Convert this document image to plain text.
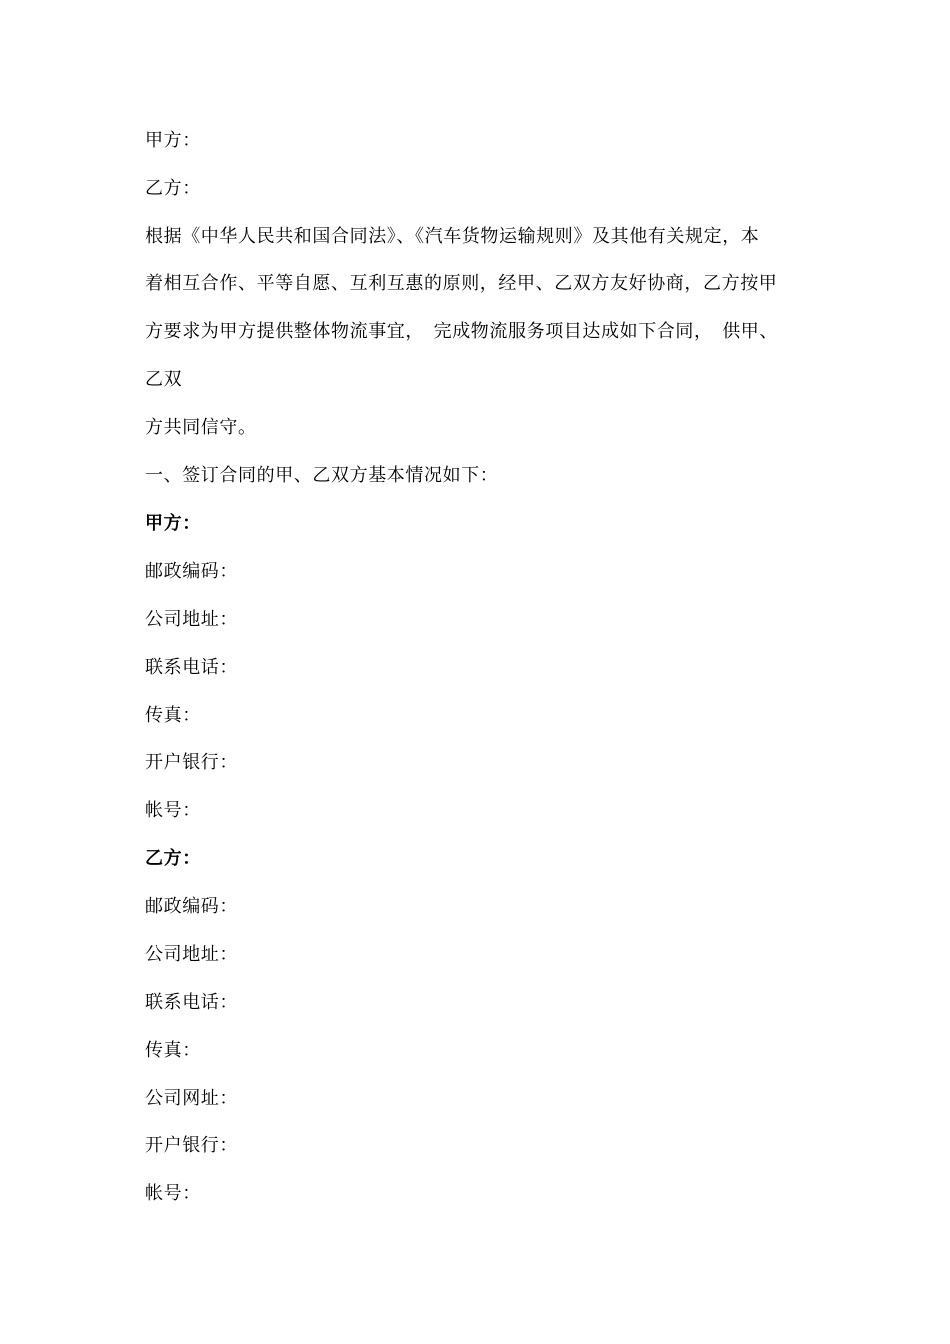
甲方：
乙方：
根据《中华人民共和国合同法》、《汽车货物运输规则》及其他有关规定，本
着相互合作、平等自愿、互利互惠的原则，经甲、乙双方友好协商，乙方按甲
方要求为甲方提供整体物流事宜，　完成物流服务项目达成如下合同，　供甲、
乙双
方共同信守。
一、签订合同的甲、乙双方基本情况如下：
甲方：
邮政编码：
公司地址：
联系电话：
传真：
开户银行：
帐号：
乙方：
邮政编码：
公司地址：
联系电话：
传真：
公司网址：
开户银行：
帐号：
